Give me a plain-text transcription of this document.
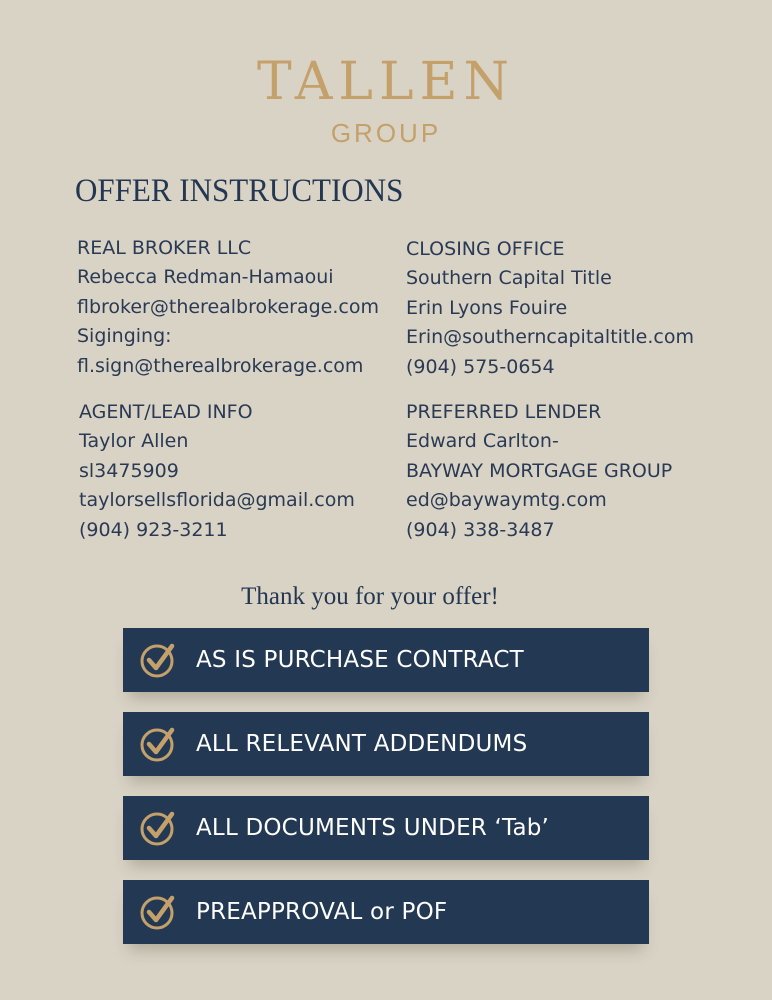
TALLEN
GROUP
OFFER INSTRUCTIONS
REAL BROKER LLC
Rebecca Redman-Hamaoui
flbroker@therealbrokerage.com
Siginging:
fl.sign@therealbrokerage.com
CLOSING OFFICE
Southern Capital Title
Erin Lyons Fouire
Erin@southerncapitaltitle.com
(904) 575-0654
AGENT/LEAD INFO
Taylor Allen
sl3475909
taylorsellsflorida@gmail.com
(904) 923-3211
PREFERRED LENDER
Edward Carlton-
BAYWAY MORTGAGE GROUP
ed@baywaymtg.com
(904) 338-3487
Thank you for your offer!
AS IS PURCHASE CONTRACT
ALL RELEVANT ADDENDUMS
ALL DOCUMENTS UNDER ‘Tab’
PREAPPROVAL or POF
